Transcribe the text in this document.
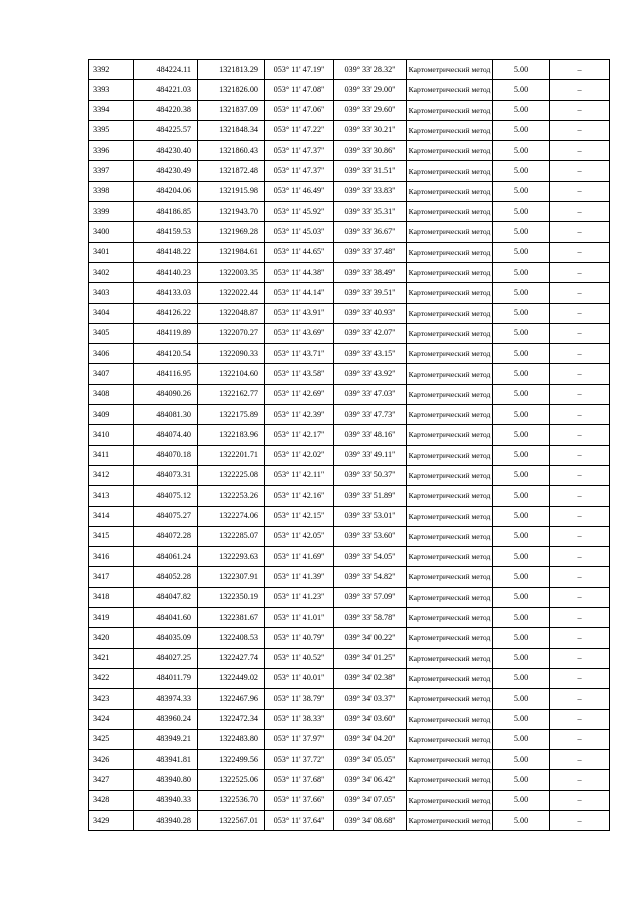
3392	484224.11	1321813.29	053° 11' 47.19"	039° 33' 28.32"	Картометрический метод	5.00	–
3393	484221.03	1321826.00	053° 11' 47.08"	039° 33' 29.00"	Картометрический метод	5.00	–
3394	484220.38	1321837.09	053° 11' 47.06"	039° 33' 29.60"	Картометрический метод	5.00	–
3395	484225.57	1321848.34	053° 11' 47.22"	039° 33' 30.21"	Картометрический метод	5.00	–
3396	484230.40	1321860.43	053° 11' 47.37"	039° 33' 30.86"	Картометрический метод	5.00	–
3397	484230.49	1321872.48	053° 11' 47.37"	039° 33' 31.51"	Картометрический метод	5.00	–
3398	484204.06	1321915.98	053° 11' 46.49"	039° 33' 33.83"	Картометрический метод	5.00	–
3399	484186.85	1321943.70	053° 11' 45.92"	039° 33' 35.31"	Картометрический метод	5.00	–
3400	484159.53	1321969.28	053° 11' 45.03"	039° 33' 36.67"	Картометрический метод	5.00	–
3401	484148.22	1321984.61	053° 11' 44.65"	039° 33' 37.48"	Картометрический метод	5.00	–
3402	484140.23	1322003.35	053° 11' 44.38"	039° 33' 38.49"	Картометрический метод	5.00	–
3403	484133.03	1322022.44	053° 11' 44.14"	039° 33' 39.51"	Картометрический метод	5.00	–
3404	484126.22	1322048.87	053° 11' 43.91"	039° 33' 40.93"	Картометрический метод	5.00	–
3405	484119.89	1322070.27	053° 11' 43.69"	039° 33' 42.07"	Картометрический метод	5.00	–
3406	484120.54	1322090.33	053° 11' 43.71"	039° 33' 43.15"	Картометрический метод	5.00	–
3407	484116.95	1322104.60	053° 11' 43.58"	039° 33' 43.92"	Картометрический метод	5.00	–
3408	484090.26	1322162.77	053° 11' 42.69"	039° 33' 47.03"	Картометрический метод	5.00	–
3409	484081.30	1322175.89	053° 11' 42.39"	039° 33' 47.73"	Картометрический метод	5.00	–
3410	484074.40	1322183.96	053° 11' 42.17"	039° 33' 48.16"	Картометрический метод	5.00	–
3411	484070.18	1322201.71	053° 11' 42.02"	039° 33' 49.11"	Картометрический метод	5.00	–
3412	484073.31	1322225.08	053° 11' 42.11"	039° 33' 50.37"	Картометрический метод	5.00	–
3413	484075.12	1322253.26	053° 11' 42.16"	039° 33' 51.89"	Картометрический метод	5.00	–
3414	484075.27	1322274.06	053° 11' 42.15"	039° 33' 53.01"	Картометрический метод	5.00	–
3415	484072.28	1322285.07	053° 11' 42.05"	039° 33' 53.60"	Картометрический метод	5.00	–
3416	484061.24	1322293.63	053° 11' 41.69"	039° 33' 54.05"	Картометрический метод	5.00	–
3417	484052.28	1322307.91	053° 11' 41.39"	039° 33' 54.82"	Картометрический метод	5.00	–
3418	484047.82	1322350.19	053° 11' 41.23"	039° 33' 57.09"	Картометрический метод	5.00	–
3419	484041.60	1322381.67	053° 11' 41.01"	039° 33' 58.78"	Картометрический метод	5.00	–
3420	484035.09	1322408.53	053° 11' 40.79"	039° 34' 00.22"	Картометрический метод	5.00	–
3421	484027.25	1322427.74	053° 11' 40.52"	039° 34' 01.25"	Картометрический метод	5.00	–
3422	484011.79	1322449.02	053° 11' 40.01"	039° 34' 02.38"	Картометрический метод	5.00	–
3423	483974.33	1322467.96	053° 11' 38.79"	039° 34' 03.37"	Картометрический метод	5.00	–
3424	483960.24	1322472.34	053° 11' 38.33"	039° 34' 03.60"	Картометрический метод	5.00	–
3425	483949.21	1322483.80	053° 11' 37.97"	039° 34' 04.20"	Картометрический метод	5.00	–
3426	483941.81	1322499.56	053° 11' 37.72"	039° 34' 05.05"	Картометрический метод	5.00	–
3427	483940.80	1322525.06	053° 11' 37.68"	039° 34' 06.42"	Картометрический метод	5.00	–
3428	483940.33	1322536.70	053° 11' 37.66"	039° 34' 07.05"	Картометрический метод	5.00	–
3429	483940.28	1322567.01	053° 11' 37.64"	039° 34' 08.68"	Картометрический метод	5.00	–
